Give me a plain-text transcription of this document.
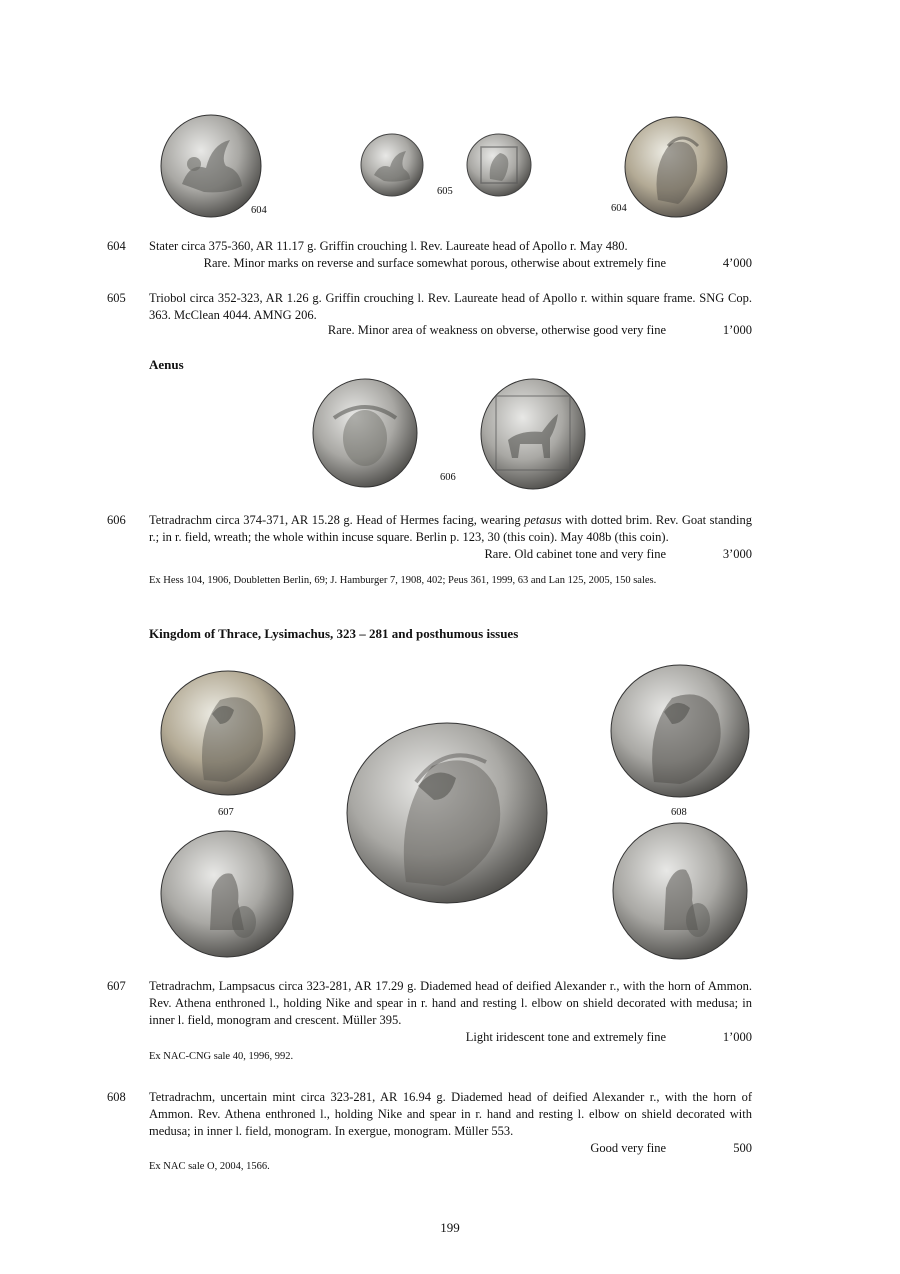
604
605
604
604 Stater circa 375-360, AR 11.17 g. Griffin crouching l. Rev. Laureate head of Apollo r. May 480.
Rare. Minor marks on reverse and surface somewhat porous, otherwise about extremely fine	4’000
605 Triobol circa 352-323, AR 1.26 g. Griffin crouching l. Rev. Laureate head of Apollo r. within square frame. SNG Cop. 363. McClean 4044. AMNG 206.
Rare. Minor area of weakness on obverse, otherwise good very fine	1’000
Aenus
606
606 Tetradrachm circa 374-371, AR 15.28 g. Head of Hermes facing, wearing petasus with dotted brim. Rev. Goat standing r.; in r. field, wreath; the whole within incuse square. Berlin p. 123, 30 (this coin). May 408b (this coin).
Rare. Old cabinet tone and very fine	3’000
Ex Hess 104, 1906, Doubletten Berlin, 69; J. Hamburger 7, 1908, 402; Peus 361, 1999, 63 and Lan 125, 2005, 150 sales.
Kingdom of Thrace, Lysimachus, 323 – 281 and posthumous issues
607	608
607 Tetradrachm, Lampsacus circa 323-281, AR 17.29 g. Diademed head of deified Alexander r., with the horn of Ammon. Rev. Athena enthroned l., holding Nike and spear in r. hand and resting l. elbow on shield decorated with medusa; in inner l. field, monogram and crescent. Müller 395.
Light iridescent tone and extremely fine	1’000
Ex NAC-CNG sale 40, 1996, 992.
608 Tetradrachm, uncertain mint circa 323-281, AR 16.94 g. Diademed head of deified Alexander r., with the horn of Ammon. Rev. Athena enthroned l., holding Nike and spear in r. hand and resting l. elbow on shield decorated with medusa; in inner l. field, monogram. In exergue, monogram. Müller 553.
Good very fine	500
Ex NAC sale O, 2004, 1566.
199
